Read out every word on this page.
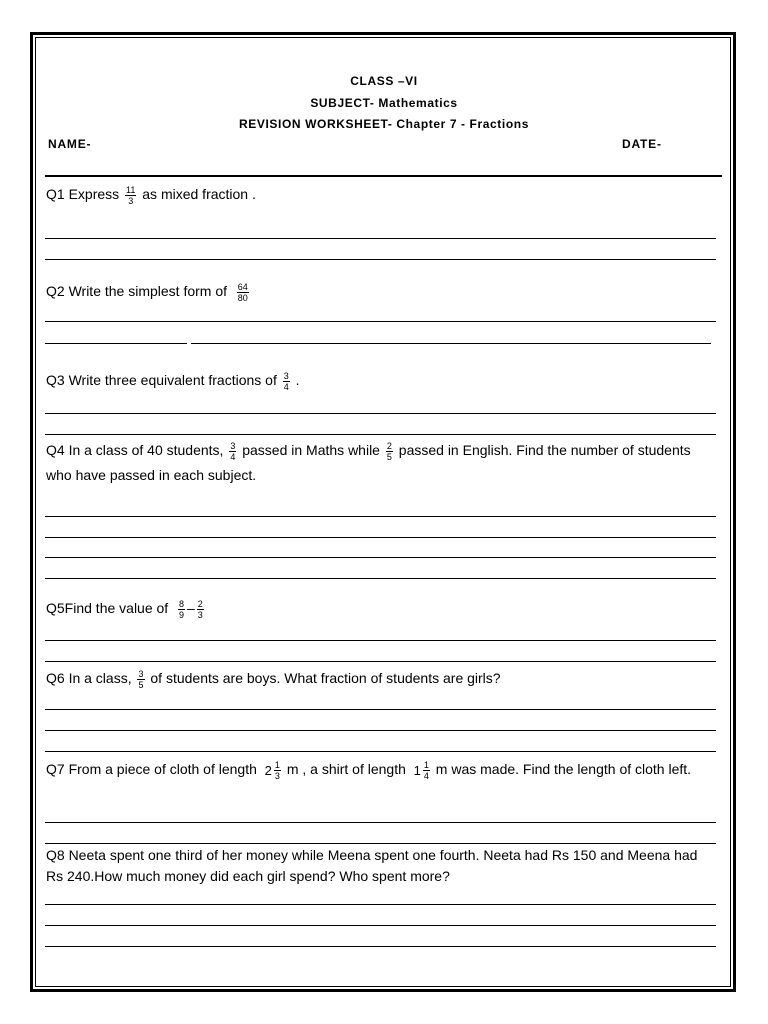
CLASS –VI
SUBJECT- Mathematics
REVISION WORKSHEET- Chapter 7 - Fractions
NAME-	DATE-
Q1 Express $\frac{11}{3}$ as mixed fraction .
Q2 Write the simplest form of $\frac{64}{80}$
Q3 Write three equivalent fractions of $\frac{3}{4}$ .
Q4 In a class of 40 students, $\frac{3}{4}$ passed in Maths while $\frac{2}{5}$ passed in English. Find the number of students who have passed in each subject.
Q5Find the value of $\frac{8}{9} - \frac{2}{3}$
Q6 In a class, $\frac{3}{5}$ of students are boys. What fraction of students are girls?
Q7 From a piece of cloth of length $2 \frac{1}{3}$ m , a shirt of length $1 \frac{1}{4}$ m was made. Find the length of cloth left.
Q8 Neeta spent one third of her money while Meena spent one fourth. Neeta had Rs 150 and Meena had Rs 240.How much money did each girl spend? Who spent more?
